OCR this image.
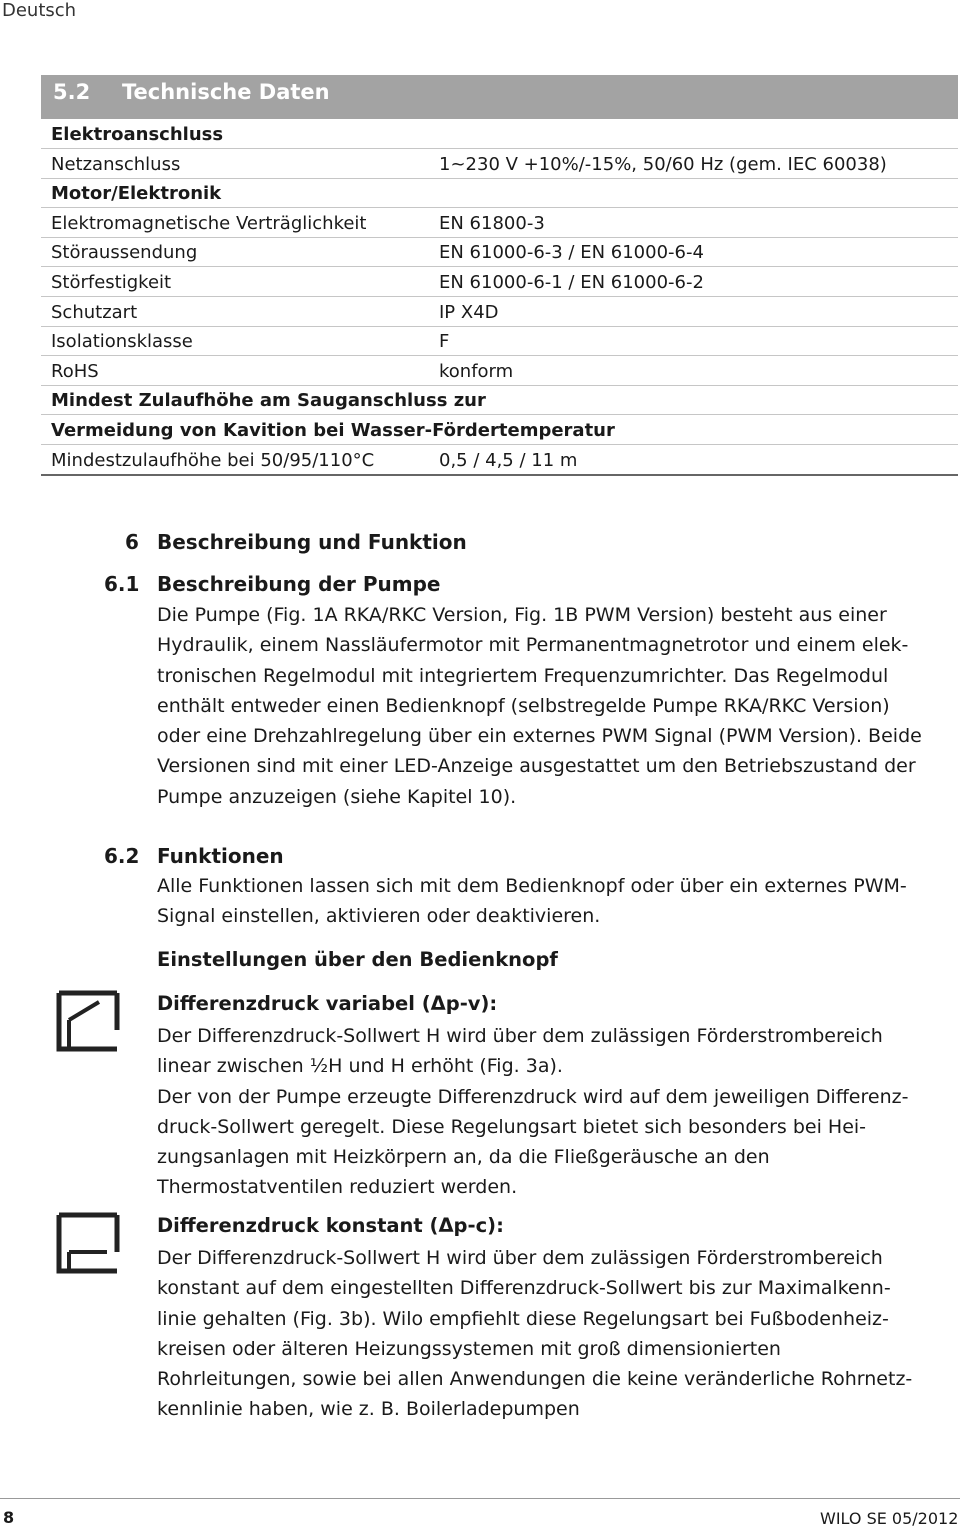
Deutsch
5.2 Technische Daten
Elektroanschluss
Netzanschluss	1~230 V +10%/-15%, 50/60 Hz (gem. IEC 60038)
Motor/Elektronik
Elektromagnetische Verträglichkeit	EN 61800-3
Störaussendung	EN 61000-6-3 / EN 61000-6-4
Störfestigkeit	EN 61000-6-1 / EN 61000-6-2
Schutzart	IP X4D
Isolationsklasse	F
RoHS	konform
Mindest Zulaufhöhe am Sauganschluss zur
Vermeidung von Kavition bei Wasser-Fördertemperatur
Mindestzulaufhöhe bei 50/95/110°C	0,5 / 4,5 / 11 m
6 Beschreibung und Funktion
6.1 Beschreibung der Pumpe
Die Pumpe (Fig. 1A RKA/RKC Version, Fig. 1B PWM Version) besteht aus einer
Hydraulik, einem Nassläufermotor mit Permanentmagnetrotor und einem elek-
tronischen Regelmodul mit integriertem Frequenzumrichter. Das Regelmodul
enthält entweder einen Bedienknopf (selbstregelde Pumpe RKA/RKC Version)
oder eine Drehzahlregelung über ein externes PWM Signal (PWM Version). Beide
Versionen sind mit einer LED-Anzeige ausgestattet um den Betriebszustand der
Pumpe anzuzeigen (siehe Kapitel 10).
6.2 Funktionen
Alle Funktionen lassen sich mit dem Bedienknopf oder über ein externes PWM-
Signal einstellen, aktivieren oder deaktivieren.
Einstellungen über den Bedienknopf
Differenzdruck variabel (Δp-v):
Der Differenzdruck-Sollwert H wird über dem zulässigen Förderstrombereich
linear zwischen ½H und H erhöht (Fig. 3a).
Der von der Pumpe erzeugte Differenzdruck wird auf dem jeweiligen Differenz-
druck-Sollwert geregelt. Diese Regelungsart bietet sich besonders bei Hei-
zungsanlagen mit Heizkörpern an, da die Fließgeräusche an den
Thermostatventilen reduziert werden.
Differenzdruck konstant (Δp-c):
Der Differenzdruck-Sollwert H wird über dem zulässigen Förderstrombereich
konstant auf dem eingestellten Differenzdruck-Sollwert bis zur Maximalkenn-
linie gehalten (Fig. 3b). Wilo empfiehlt diese Regelungsart bei Fußbodenheiz-
kreisen oder älteren Heizungssystemen mit groß dimensionierten
Rohrleitungen, sowie bei allen Anwendungen die keine veränderliche Rohrnetz-
kennlinie haben, wie z. B. Boilerladepumpen
8	WILO SE 05/2012
